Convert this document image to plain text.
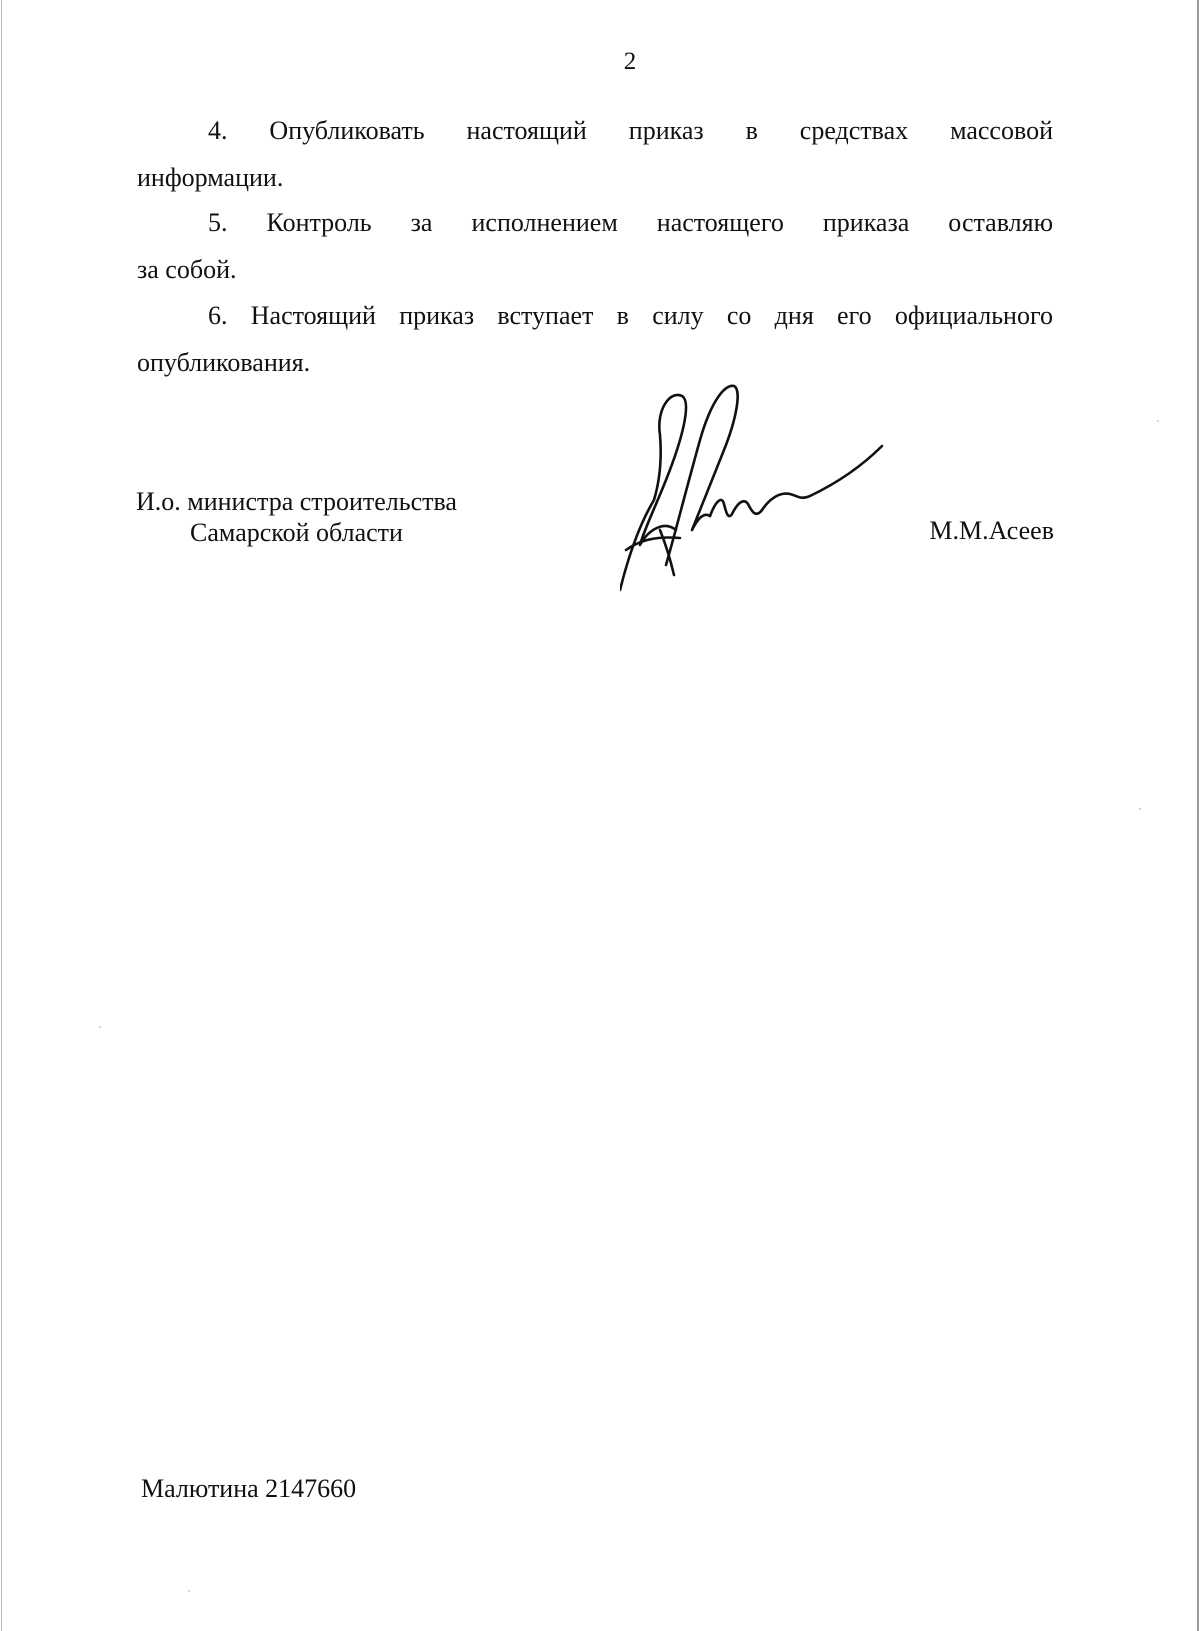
2
4. Опубликовать настоящий приказ в средствах массовой
информации.
5. Контроль за исполнением настоящего приказа оставляю
за собой.
6. Настоящий приказ вступает в силу со дня его официального
опубликования.
И.о. министра строительства
Самарской области	М.М.Асеев
Малютина 2147660
